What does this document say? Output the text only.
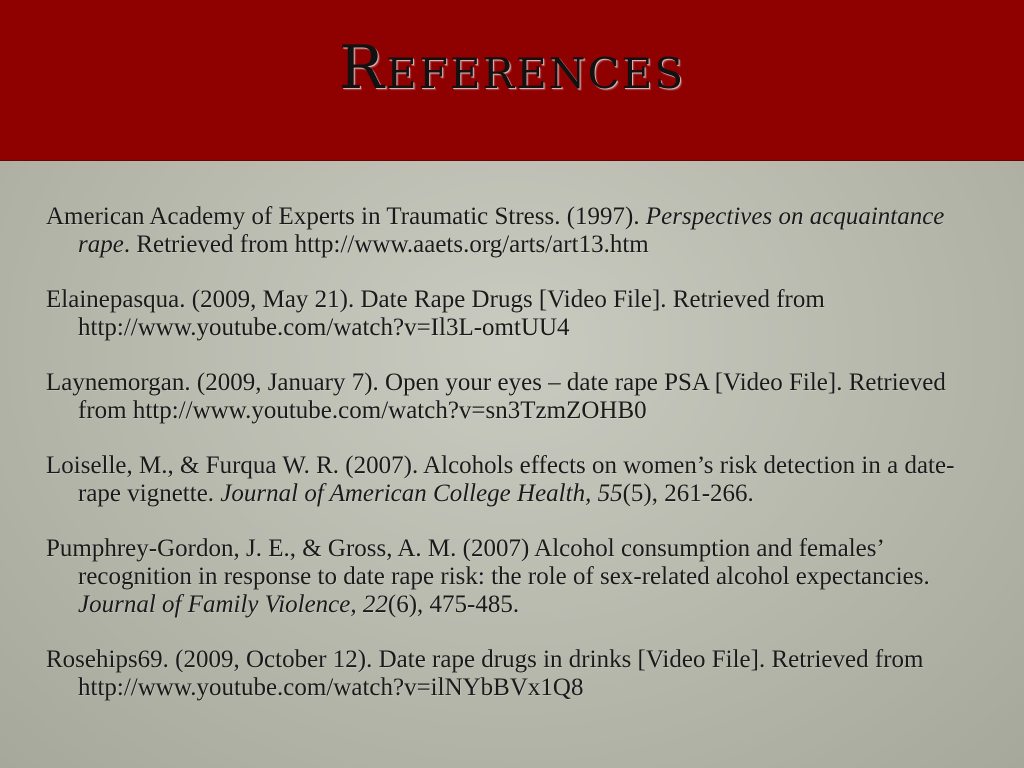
References

American Academy of Experts in Traumatic Stress. (1997). Perspectives on acquaintance rape. Retrieved from http://www.aaets.org/arts/art13.htm

Elainepasqua. (2009, May 21). Date Rape Drugs [Video File]. Retrieved from http://www.youtube.com/watch?v=Il3L-omtUU4

Laynemorgan. (2009, January 7). Open your eyes – date rape PSA [Video File]. Retrieved from http://www.youtube.com/watch?v=sn3TzmZOHB0

Loiselle, M., & Furqua W. R. (2007). Alcohols effects on women’s risk detection in a date-rape vignette. Journal of American College Health, 55(5), 261-266.

Pumphrey-Gordon, J. E., & Gross, A. M. (2007) Alcohol consumption and females’ recognition in response to date rape risk: the role of sex-related alcohol expectancies. Journal of Family Violence, 22(6), 475-485.

Rosehips69. (2009, October 12). Date rape drugs in drinks [Video File]. Retrieved from http://www.youtube.com/watch?v=ilNYbBVx1Q8
